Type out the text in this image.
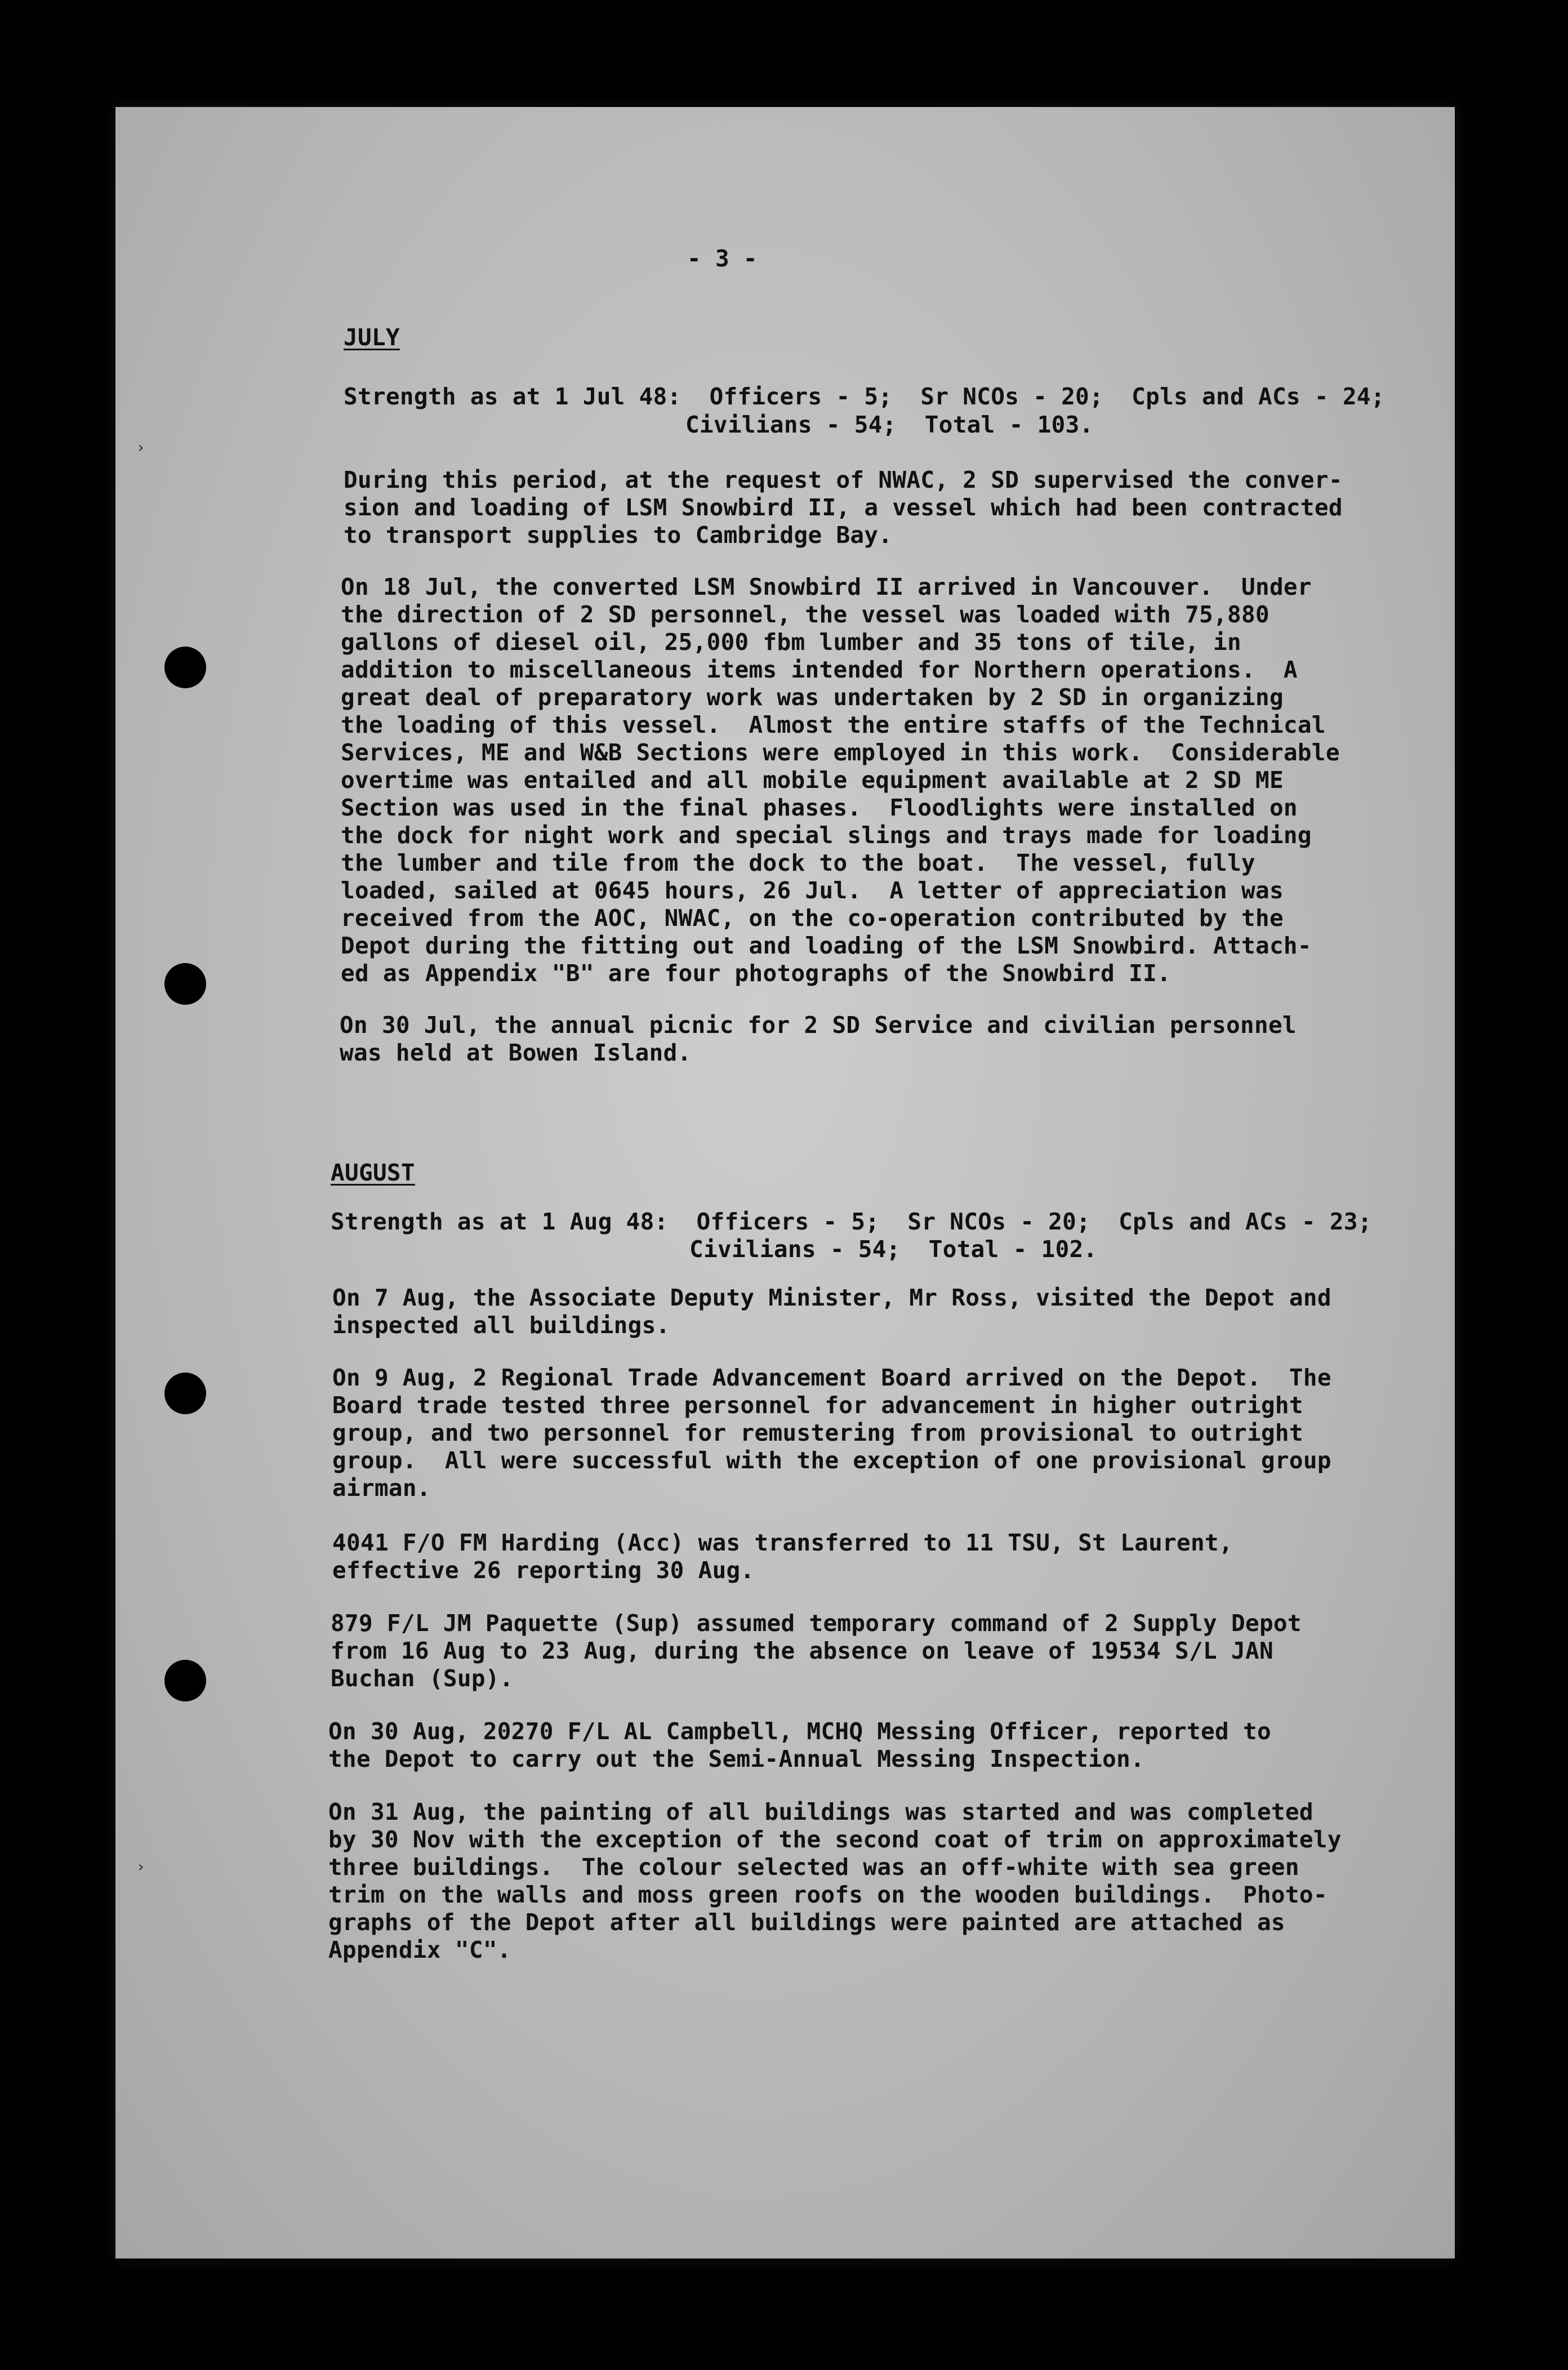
›
›
- 3 -
JULY
Strength as at 1 Jul 48:  Officers - 5;  Sr NCOs - 20;  Cpls and ACs - 24;
Civilians - 54;  Total - 103.
During this period, at the request of NWAC, 2 SD supervised the conver-
sion and loading of LSM Snowbird II, a vessel which had been contracted
to transport supplies to Cambridge Bay.
On 18 Jul, the converted LSM Snowbird II arrived in Vancouver.  Under
the direction of 2 SD personnel, the vessel was loaded with 75,880
gallons of diesel oil, 25,000 fbm lumber and 35 tons of tile, in
addition to miscellaneous items intended for Northern operations.  A
great deal of preparatory work was undertaken by 2 SD in organizing
the loading of this vessel.  Almost the entire staffs of the Technical
Services, ME and W&B Sections were employed in this work.  Considerable
overtime was entailed and all mobile equipment available at 2 SD ME
Section was used in the final phases.  Floodlights were installed on
the dock for night work and special slings and trays made for loading
the lumber and tile from the dock to the boat.  The vessel, fully
loaded, sailed at 0645 hours, 26 Jul.  A letter of appreciation was
received from the AOC, NWAC, on the co-operation contributed by the
Depot during the fitting out and loading of the LSM Snowbird. Attach-
ed as Appendix "B" are four photographs of the Snowbird II.
On 30 Jul, the annual picnic for 2 SD Service and civilian personnel
was held at Bowen Island.
AUGUST
Strength as at 1 Aug 48:  Officers - 5;  Sr NCOs - 20;  Cpls and ACs - 23;
Civilians - 54;  Total - 102.
On 7 Aug, the Associate Deputy Minister, Mr Ross, visited the Depot and
inspected all buildings.
On 9 Aug, 2 Regional Trade Advancement Board arrived on the Depot.  The
Board trade tested three personnel for advancement in higher outright
group, and two personnel for remustering from provisional to outright
group.  All were successful with the exception of one provisional group
airman.
4041 F/O FM Harding (Acc) was transferred to 11 TSU, St Laurent,
effective 26 reporting 30 Aug.
879 F/L JM Paquette (Sup) assumed temporary command of 2 Supply Depot
from 16 Aug to 23 Aug, during the absence on leave of 19534 S/L JAN
Buchan (Sup).
On 30 Aug, 20270 F/L AL Campbell, MCHQ Messing Officer, reported to
the Depot to carry out the Semi-Annual Messing Inspection.
On 31 Aug, the painting of all buildings was started and was completed
by 30 Nov with the exception of the second coat of trim on approximately
three buildings.  The colour selected was an off-white with sea green
trim on the walls and moss green roofs on the wooden buildings.  Photo-
graphs of the Depot after all buildings were painted are attached as
Appendix "C".
